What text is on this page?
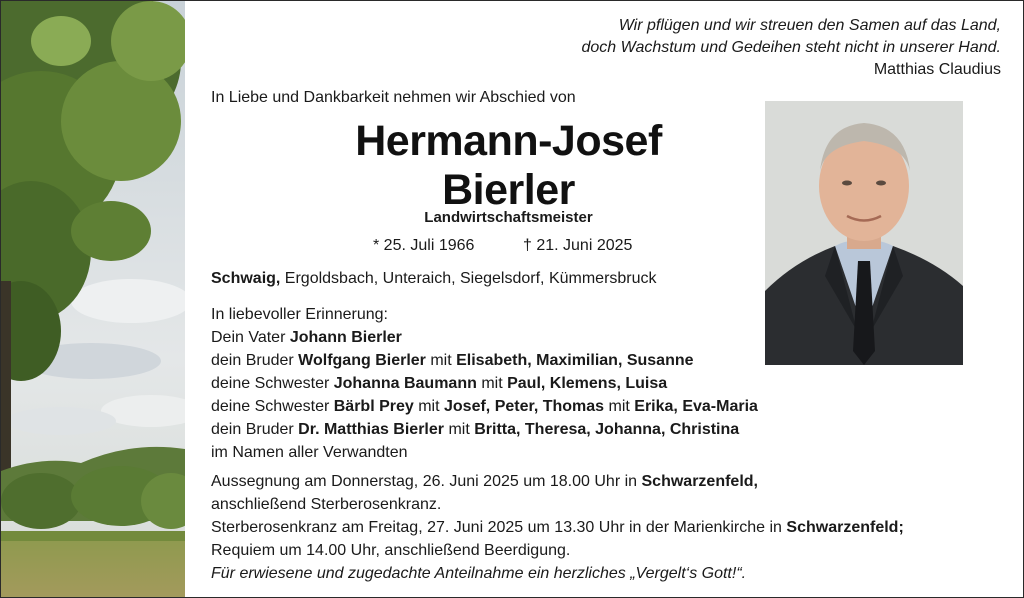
Wir pflügen und wir streuen den Samen auf das Land,
doch Wachstum und Gedeihen steht nicht in unserer Hand.
Matthias Claudius
In Liebe und Dankbarkeit nehmen wir Abschied von
Hermann-Josef
Bierler
Landwirtschaftsmeister
* 25. Juli 1966	† 21. Juni 2025
Schwaig, Ergoldsbach, Unteraich, Siegelsdorf, Kümmersbruck
In liebevoller Erinnerung:
Dein Vater Johann Bierler
dein Bruder Wolfgang Bierler mit Elisabeth, Maximilian, Susanne
deine Schwester Johanna Baumann mit Paul, Klemens, Luisa
deine Schwester Bärbl Prey mit Josef, Peter, Thomas mit Erika, Eva-Maria
dein Bruder Dr. Matthias Bierler mit Britta, Theresa, Johanna, Christina
im Namen aller Verwandten
Aussegnung am Donnerstag, 26. Juni 2025 um 18.00 Uhr in Schwarzenfeld,
anschließend Sterberosenkranz.
Sterberosenkranz am Freitag, 27. Juni 2025 um 13.30 Uhr in der Marienkirche in Schwarzenfeld;
Requiem um 14.00 Uhr, anschließend Beerdigung.
Für erwiesene und zugedachte Anteilnahme ein herzliches „Vergelt‘s Gott!“.
